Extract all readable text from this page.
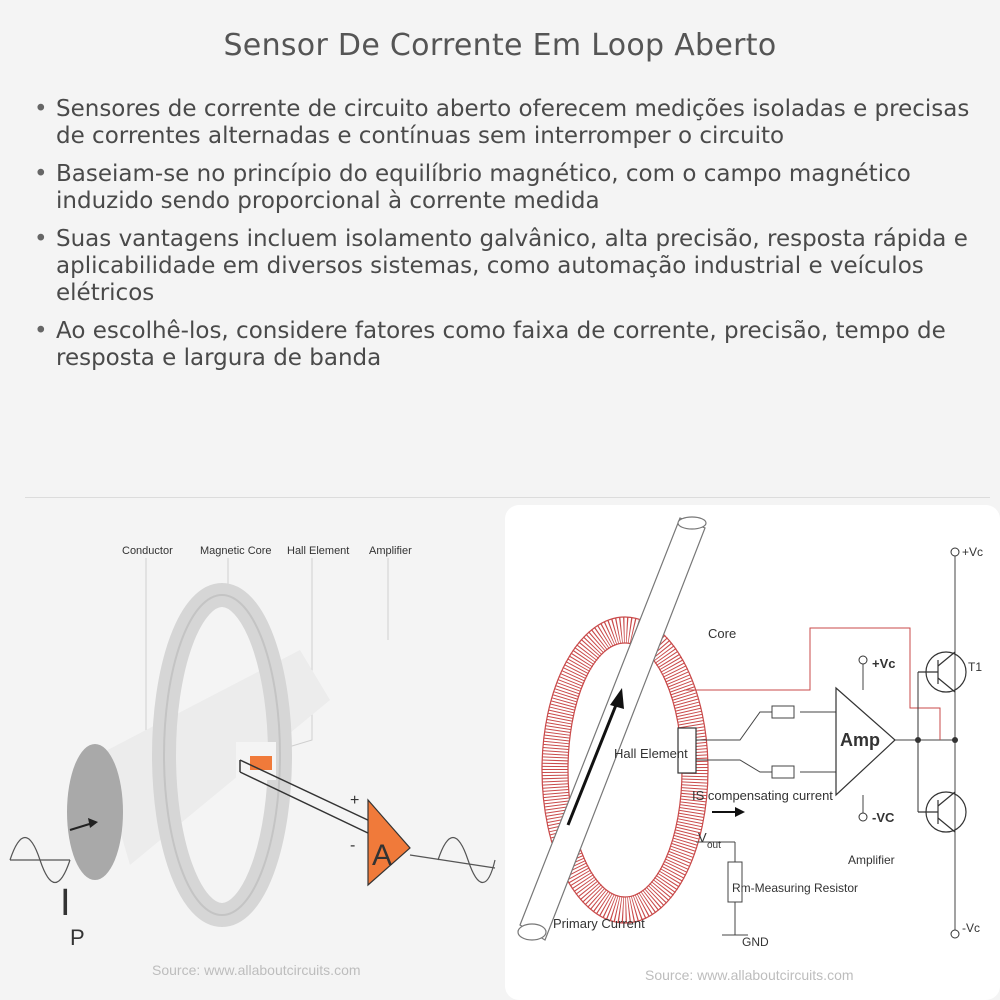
Sensor De Corrente Em Loop Aberto
• Sensores de corrente de circuito aberto oferecem medições isoladas e precisas de correntes alternadas e contínuas sem interromper o circuito
• Baseiam-se no princípio do equilíbrio magnético, com o campo magnético induzido sendo proporcional à corrente medida
• Suas vantagens incluem isolamento galvânico, alta precisão, resposta rápida e aplicabilidade em diversos sistemas, como automação industrial e veículos elétricos
• Ao escolhê-los, considere fatores como faixa de corrente, precisão, tempo de resposta e largura de banda
A
+
-
I
P
Conductor Magnetic Core Hall Element Amplifier
Source: www.allaboutcircuits.com
Core
Hall Element
IS compensating current
V
out
Rm-Measuring Resistor
GND
Primary Current
Amp
Amplifier
+Vc
-VC
+Vc
-Vc
T1
Source: www.allaboutcircuits.com
